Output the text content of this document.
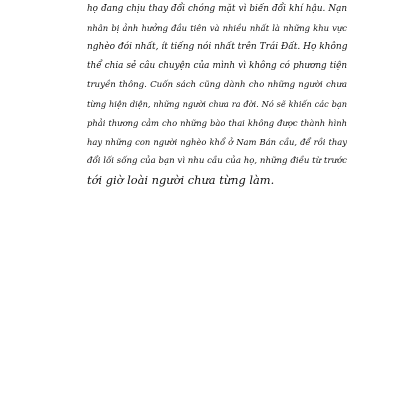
họ đang chịu thay đổi chóng mặt vì biến đổi khí hậu. Nạn
nhân bị ảnh hưởng đầu tiên và nhiều nhất là những khu vực
nghèo đói nhất, ít tiếng nói nhất trên Trái Đất. Họ không
thể chia sẻ câu chuyện của mình vì không có phương tiện
truyền thông. Cuốn sách cũng dành cho những người chưa
từng hiện diện, những người chưa ra đời. Nó sẽ khiến các bạn
phải thương cảm cho những bào thai không được thành hình
hay những con người nghèo khổ ở Nam Bán cầu, để rồi thay
đổi lối sống của bạn vì nhu cầu của họ, những điều từ trước
tới giờ loài người chưa từng làm.
